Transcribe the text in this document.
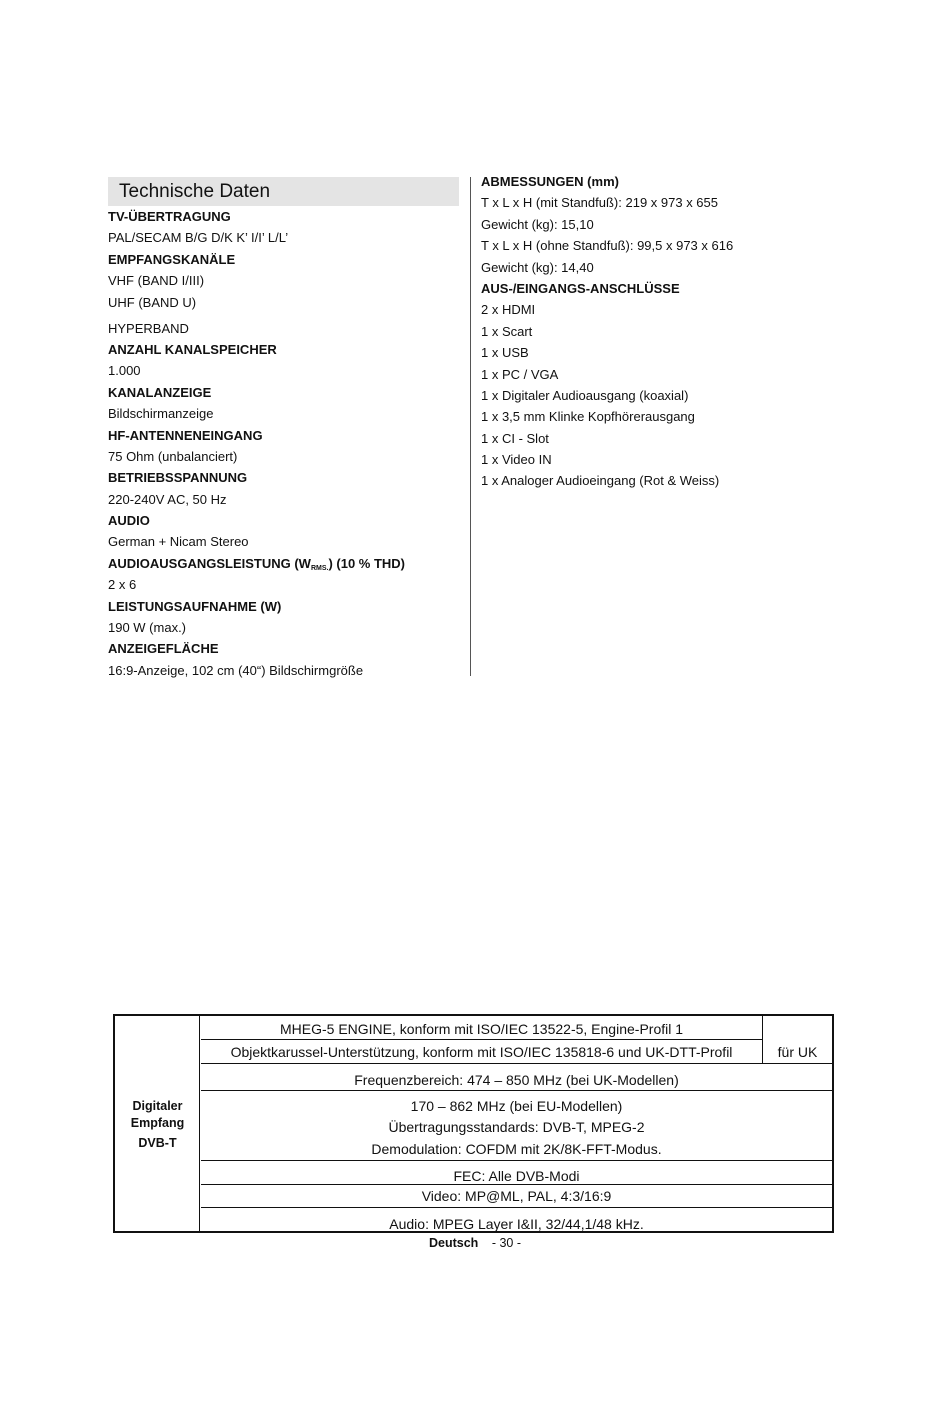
Technische Daten
TV-ÜBERTRAGUNG
PAL/SECAM B/G D/K K’ I/I’ L/L’
EMPFANGSKANÄLE
VHF (BAND I/III)
UHF (BAND U)
HYPERBAND
ANZAHL KANALSPEICHER
1.000
KANALANZEIGE
Bildschirmanzeige
HF-ANTENNENEINGANG
75 Ohm (unbalanciert)
BETRIEBSSPANNUNG
220-240V AC, 50 Hz
AUDIO
German + Nicam Stereo
AUDIOAUSGANGSLEISTUNG $(W_{RMS.})$ (10 % THD)
2 x 6
LEISTUNGSAUFNAHME (W)
190 W (max.)
ANZEIGEFLÄCHE
16:9-Anzeige, 102 cm (40“) Bildschirmgröße
ABMESSUNGEN (mm)
T x L x H (mit Standfuß): 219 x 973 x 655
Gewicht (kg): 15,10
T x L x H (ohne Standfuß): 99,5 x 973 x 616
Gewicht (kg): 14,40
AUS-/EINGANGS-ANSCHLÜSSE
2 x HDMI
1 x Scart
1 x USB
1 x PC / VGA
1 x Digitaler Audioausgang (koaxial)
1 x 3,5 mm Klinke Kopfhörerausgang
1 x CI - Slot
1 x Video IN
1 x Analoger Audioeingang (Rot & Weiss)
Digitaler
Empfang
DVB-T
MHEG-5 ENGINE, konform mit ISO/IEC 13522-5, Engine-Profil 1
Objektkarussel-Unterstützung, konform mit ISO/IEC 135818-6 und UK-DTT-Profil	für UK
Frequenzbereich: 474 – 850 MHz (bei UK-Modellen)
170 – 862 MHz (bei EU-Modellen)
Übertragungsstandards: DVB-T, MPEG-2
Demodulation: COFDM mit 2K/8K-FFT-Modus.
FEC: Alle DVB-Modi
Video: MP@ML, PAL, 4:3/16:9
Audio: MPEG Layer I&II, 32/44,1/48 kHz.
Deutsch - 30 -
